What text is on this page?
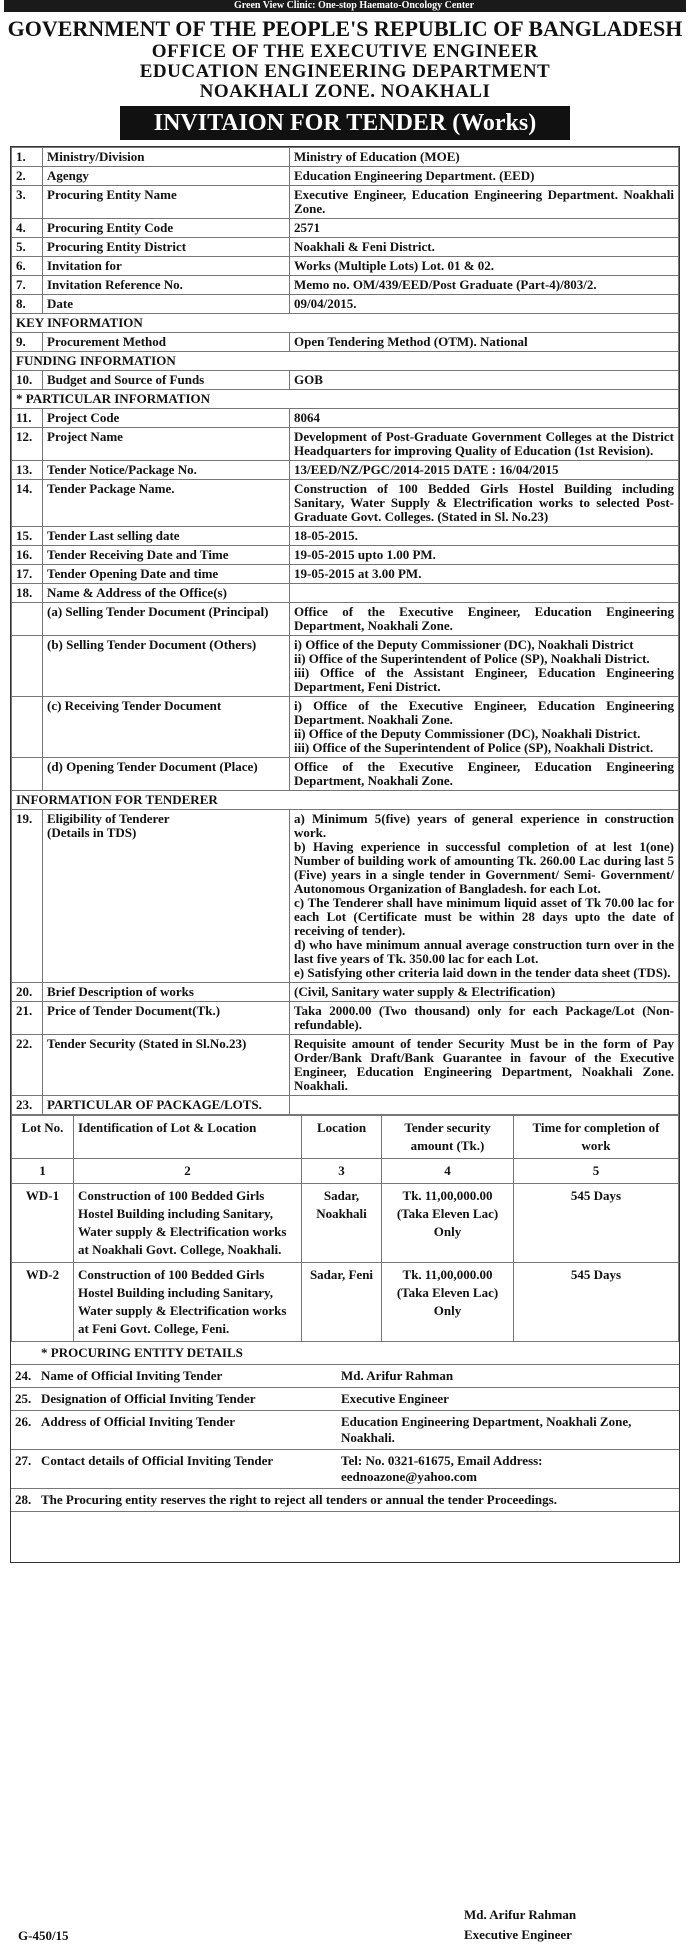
Green View Clinic: One-stop Haemato-Oncology Center
GOVERNMENT OF THE PEOPLE'S REPUBLIC OF BANGLADESH
OFFICE OF THE EXECUTIVE ENGINEER
EDUCATION ENGINEERING DEPARTMENT
NOAKHALI ZONE. NOAKHALI
INVITAION FOR TENDER (Works)
1.	Ministry/Division	Ministry of Education (MOE)
2.	Agengy	Education Engineering Department. (EED)
3.	Procuring Entity Name	Executive Engineer, Education Engineering Department. Noakhali Zone.
4.	Procuring Entity Code	2571
5.	Procuring Entity District	Noakhali & Feni District.
6.	Invitation for	Works (Multiple Lots) Lot. 01 & 02.
7.	Invitation Reference No.	Memo no. OM/439/EED/Post Graduate (Part-4)/803/2.
8.	Date	09/04/2015.
KEY INFORMATION		
9.	Procurement Method	Open Tendering Method (OTM). National
FUNDING INFORMATION		
10.	Budget and Source of Funds	GOB
* PARTICULAR INFORMATION		
11.	Project Code	8064
12.	Project Name	Development of Post-Graduate Government Colleges at the District Headquarters for improving Quality of Education (1st Revision).
13.	Tender Notice/Package No.	13/EED/NZ/PGC/2014-2015 DATE : 16/04/2015
14.	Tender Package Name.	Construction of 100 Bedded Girls Hostel Building including Sanitary, Water Supply & Electrification works to selected Post-Graduate Govt. Colleges. (Stated in Sl. No.23)
15.	Tender Last selling date	18-05-2015.
16.	Tender Receiving Date and Time	19-05-2015 upto 1.00 PM.
17.	Tender Opening Date and time	19-05-2015 at 3.00 PM.
18.	Name & Address of the Office(s)	
	(a) Selling Tender Document (Principal)	Office of the Executive Engineer, Education Engineering Department, Noakhali Zone.
	(b) Selling Tender Document (Others)	i) Office of the Deputy Commissioner (DC), Noakhali District
ii) Office of the Superintendent of Police (SP), Noakhali District.
iii) Office of the Assistant Engineer, Education Engineering Department, Feni District.
	(c) Receiving Tender Document	i) Office of the Executive Engineer, Education Engineering Department. Noakhali Zone.
ii) Office of the Deputy Commissioner (DC), Noakhali District.
iii) Office of the Superintendent of Police (SP), Noakhali District.
	(d) Opening Tender Document (Place)	Office of the Executive Engineer, Education Engineering Department, Noakhali Zone.
INFORMATION FOR TENDERER		
19.	Eligibility of Tenderer
(Details in TDS)	a) Minimum 5(five) years of general experience in construction work.
b) Having experience in successful completion of at lest 1(one) Number of building work of amounting Tk. 260.00 Lac during last 5 (Five) years in a single tender in Government/ Semi- Government/ Autonomous Organization of Bangladesh. for each Lot.
c) The Tenderer shall have minimum liquid asset of Tk 70.00 lac for each Lot (Certificate must be within 28 days upto the date of receiving of tender).
d) who have minimum annual average construction turn over in the last five years of Tk. 350.00 lac for each Lot.
e) Satisfying other criteria laid down in the tender data sheet (TDS).
20.	Brief Description of works	(Civil, Sanitary water supply & Electrification)
21.	Price of Tender Document(Tk.)	Taka 2000.00 (Two thousand) only for each Package/Lot (Non-refundable).
22.	Tender Security (Stated in Sl.No.23)	Requisite amount of tender Security Must be in the form of Pay Order/Bank Draft/Bank Guarantee in favour of the Executive Engineer, Education Engineering Department, Noakhali Zone. Noakhali.
23.	PARTICULAR OF PACKAGE/LOTS.	
Lot No.	Identification of Lot & Location	Location	Tender security amount (Tk.)	Time for completion of work
1	2	3	4	5
WD-1	Construction of 100 Bedded Girls Hostel Building including Sanitary, Water supply & Electrification works at Noakhali Govt. College, Noakhali.	Sadar, Noakhali	Tk. 11,00,000.00 (Taka Eleven Lac) Only	545 Days
WD-2	Construction of 100 Bedded Girls Hostel Building including Sanitary, Water supply & Electrification works at Feni Govt. College, Feni.	Sadar, Feni	Tk. 11,00,000.00 (Taka Eleven Lac) Only	545 Days
* PROCURING ENTITY DETAILS		
24.	Name of Official Inviting Tender	Md. Arifur Rahman
25.	Designation of Official Inviting Tender	Executive Engineer
26.	Address of Official Inviting Tender	Education Engineering Department, Noakhali Zone, Noakhali.
27.	Contact details of Official Inviting Tender	Tel: No. 0321-61675, Email Address: eednoazone@yahoo.com
28.	The Procuring entity reserves the right to reject all tenders or annual the tender Proceedings.	
G-450/15
Md. Arifur Rahman
Executive Engineer
